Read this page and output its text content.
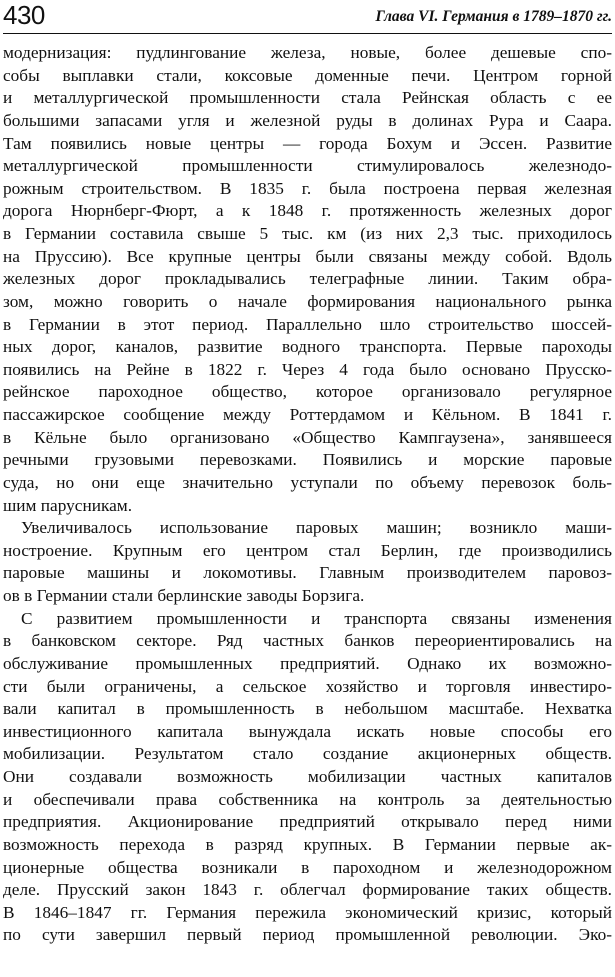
430	Глава VI. Германия в 1789–1870 гг.

модернизация: пудлингование железа, новые, более дешевые спо-
собы выплавки стали, коксовые доменные печи. Центром горной
и металлургической промышленности стала Рейнская область с ее
большими запасами угля и железной руды в долинах Рура и Саара.
Там появились новые центры — города Бохум и Эссен. Развитие
металлургической промышленности стимулировалось железнодо-
рожным строительством. В 1835 г. была построена первая железная
дорога Нюрнберг-Фюрт, а к 1848 г. протяженность железных дорог
в Германии составила свыше 5 тыс. км (из них 2,3 тыс. приходилось
на Пруссию). Все крупные центры были связаны между собой. Вдоль
железных дорог прокладывались телеграфные линии. Таким обра-
зом, можно говорить о начале формирования национального рынка
в Германии в этот период. Параллельно шло строительство шоссей-
ных дорог, каналов, развитие водного транспорта. Первые пароходы
появились на Рейне в 1822 г. Через 4 года было основано Прусско-
рейнское пароходное общество, которое организовало регулярное
пассажирское сообщение между Роттердамом и Кёльном. В 1841 г.
в Кёльне было организовано «Общество Кампгаузена», занявшееся
речными грузовыми перевозками. Появились и морские паровые
суда, но они еще значительно уступали по объему перевозок боль-
шим парусникам.

Увеличивалось использование паровых машин; возникло маши-
ностроение. Крупным его центром стал Берлин, где производились
паровые машины и локомотивы. Главным производителем паровоз-
ов в Германии стали берлинские заводы Борзига.

С развитием промышленности и транспорта связаны изменения
в банковском секторе. Ряд частных банков переориентировались на
обслуживание промышленных предприятий. Однако их возможно-
сти были ограничены, а сельское хозяйство и торговля инвестиро-
вали капитал в промышленность в небольшом масштабе. Нехватка
инвестиционного капитала вынуждала искать новые способы его
мобилизации. Результатом стало создание акционерных обществ.
Они создавали возможность мобилизации частных капиталов
и обеспечивали права собственника на контроль за деятельностью
предприятия. Акционирование предприятий открывало перед ними
возможность перехода в разряд крупных. В Германии первые ак-
ционерные общества возникали в пароходном и железнодорожном
деле. Прусский закон 1843 г. облегчал формирование таких обществ.
В 1846–1847 гг. Германия пережила экономический кризис, который
по сути завершил первый период промышленной революции. Эко-
